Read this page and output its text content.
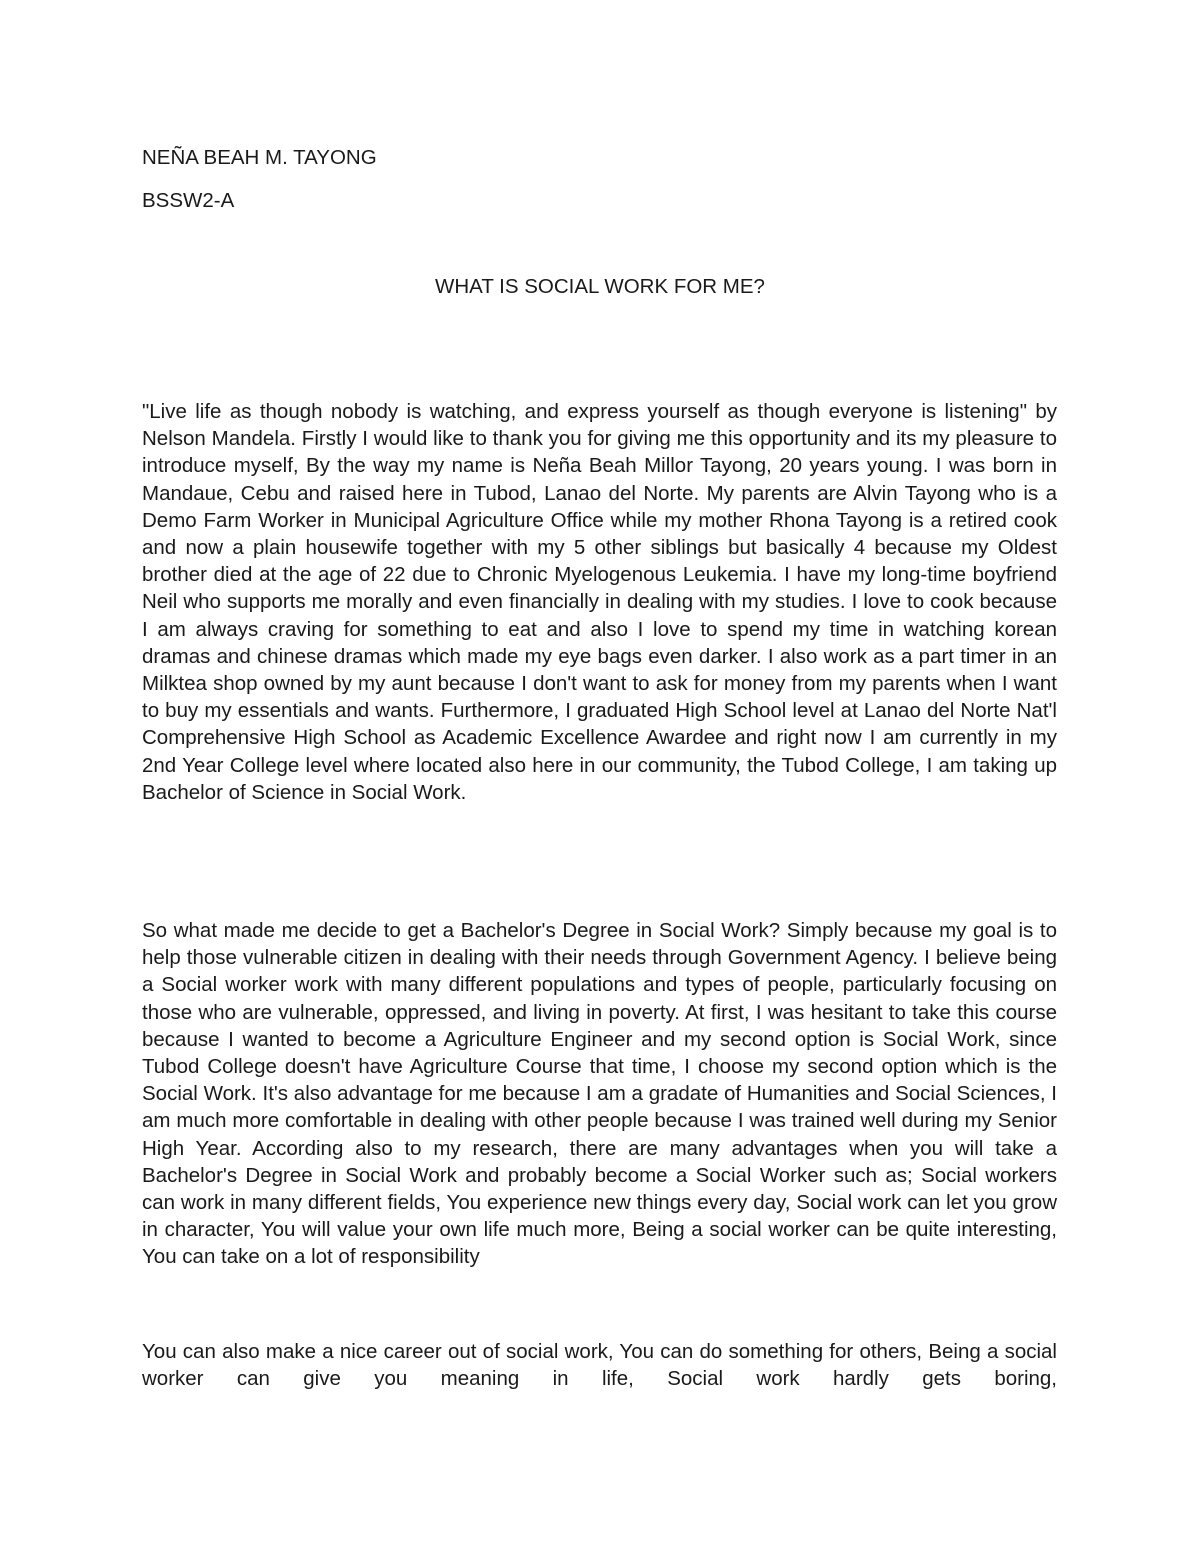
NEÑA BEAH M. TAYONG
BSSW2-A
WHAT IS SOCIAL WORK FOR ME?

"Live life as though nobody is watching, and express yourself as though everyone is listening" by Nelson Mandela. Firstly I would like to thank you for giving me this opportunity and its my pleasure to introduce myself, By the way my name is Neña Beah Millor Tayong, 20 years young. I was born in Mandaue, Cebu and raised here in Tubod, Lanao del Norte. My parents are Alvin Tayong who is a Demo Farm Worker in Municipal Agriculture Office while my mother Rhona Tayong is a retired cook and now a plain housewife together with my 5 other siblings but basically 4 because my Oldest brother died at the age of 22 due to Chronic Myelogenous Leukemia. I have my long-time boyfriend Neil who supports me morally and even financially in dealing with my studies. I love to cook because I am always craving for something to eat and also I love to spend my time in watching korean dramas and chinese dramas which made my eye bags even darker. I also work as a part timer in an Milktea shop owned by my aunt because I don't want to ask for money from my parents when I want to buy my essentials and wants. Furthermore, I graduated High School level at Lanao del Norte Nat'l Comprehensive High School as Academic Excellence Awardee and right now I am currently in my 2nd Year College level where located also here in our community, the Tubod College, I am taking up Bachelor of Science in Social Work.

So what made me decide to get a Bachelor's Degree in Social Work? Simply because my goal is to help those vulnerable citizen in dealing with their needs through Government Agency. I believe being a Social worker work with many different populations and types of people, particularly focusing on those who are vulnerable, oppressed, and living in poverty. At first, I was hesitant to take this course because I wanted to become a Agriculture Engineer and my second option is Social Work, since Tubod College doesn't have Agriculture Course that time, I choose my second option which is the Social Work. It's also advantage for me because I am a gradate of Humanities and Social Sciences, I am much more comfortable in dealing with other people because I was trained well during my Senior High Year. According also to my research, there are many advantages when you will take a Bachelor's Degree in Social Work and probably become a Social Worker such as; Social workers can work in many different fields, You experience new things every day, Social work can let you grow in character, You will value your own life much more, Being a social worker can be quite interesting, You can take on a lot of responsibility

You can also make a nice career out of social work, You can do something for others, Being a social worker can give you meaning in life, Social work hardly gets boring,
